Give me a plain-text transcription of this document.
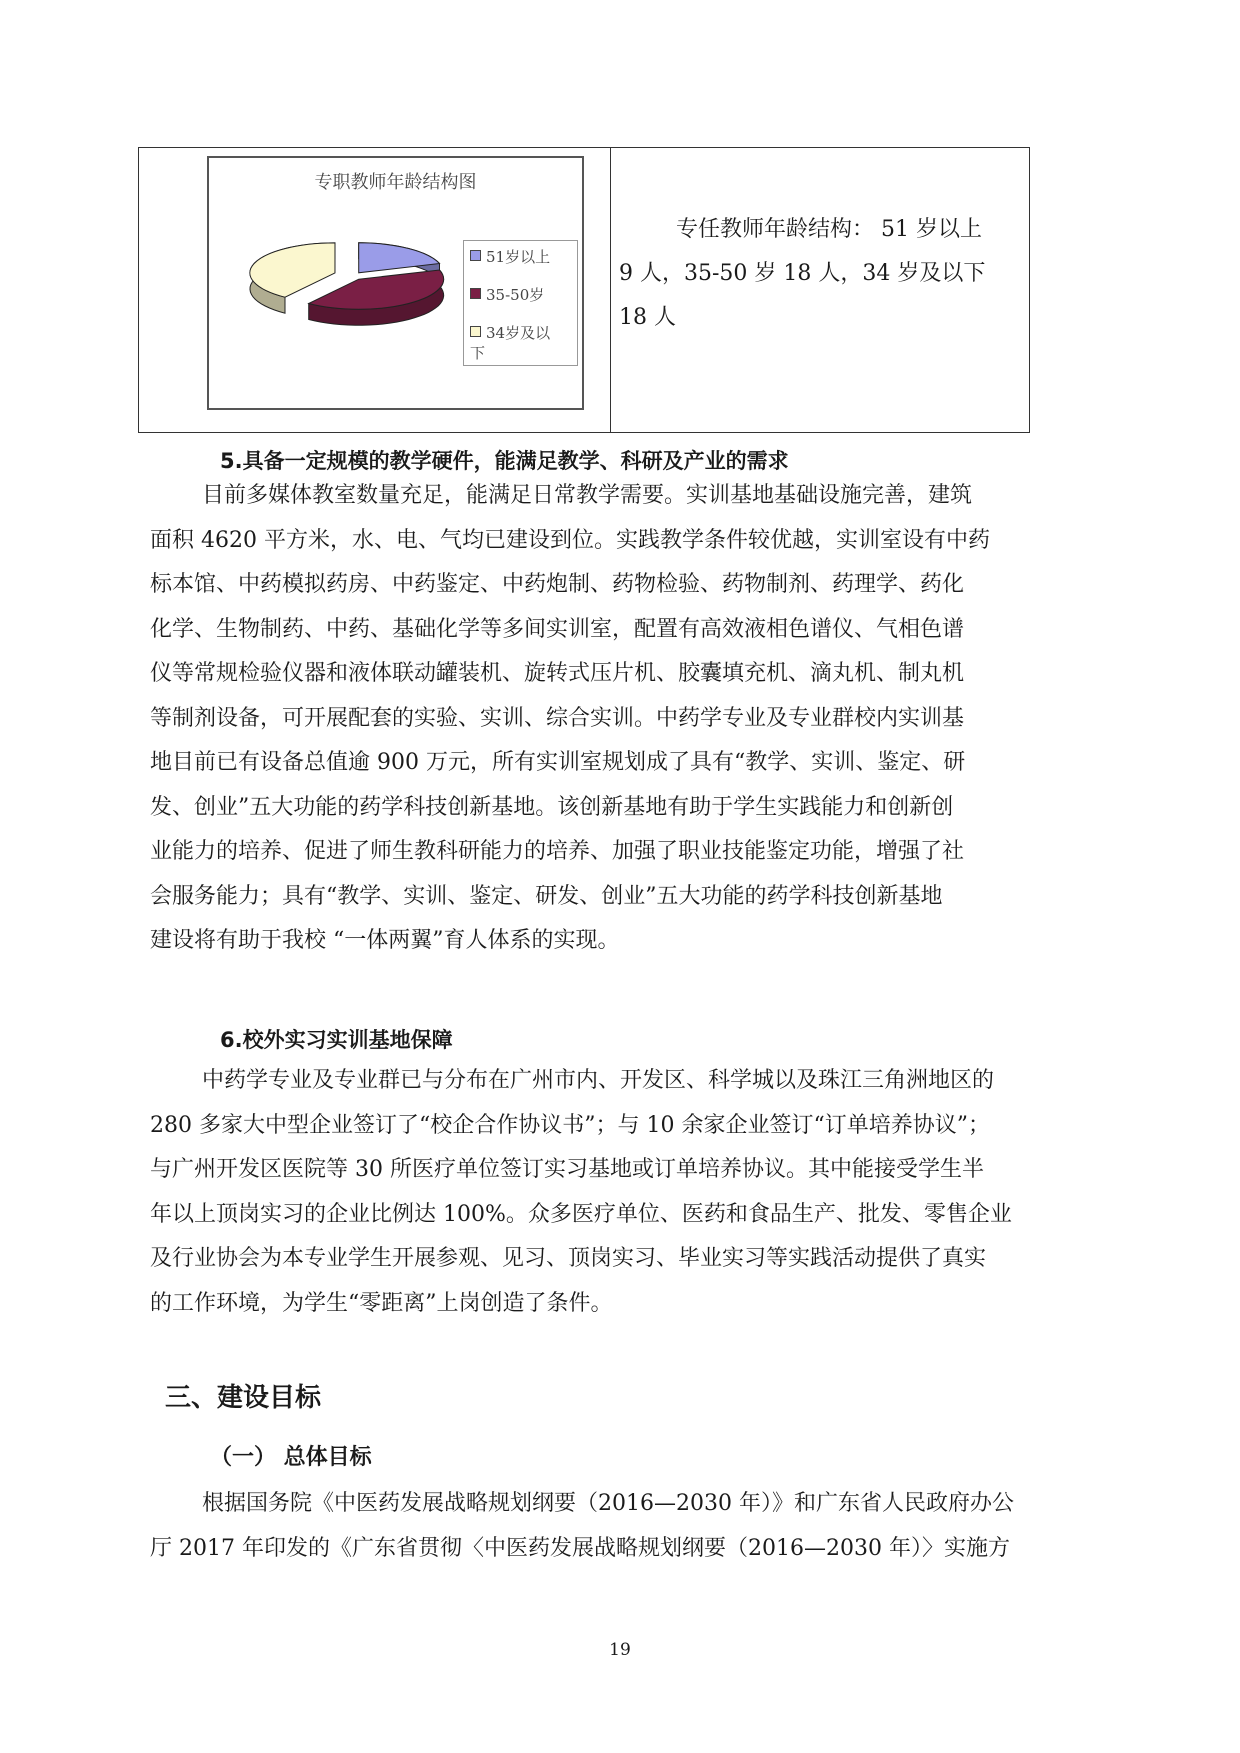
专职教师年龄结构图
51岁以上
35-50岁
34岁及以
下
专任教师年龄结构： 51 岁以上
9 人，35-50 岁 18 人，34 岁及以下
18 人
5.具备一定规模的教学硬件，能满足教学、科研及产业的需求
目前多媒体教室数量充足，能满足日常教学需要。实训基地基础设施完善，建筑
面积 4620 平方米，水、电、气均已建设到位。实践教学条件较优越，实训室设有中药
标本馆、中药模拟药房、中药鉴定、中药炮制、药物检验、药物制剂、药理学、药化
化学、生物制药、中药、基础化学等多间实训室，配置有高效液相色谱仪、气相色谱
仪等常规检验仪器和液体联动罐装机、旋转式压片机、胶囊填充机、滴丸机、制丸机
等制剂设备，可开展配套的实验、实训、综合实训。中药学专业及专业群校内实训基
地目前已有设备总值逾 900 万元，所有实训室规划成了具有“教学、实训、鉴定、研
发、创业”五大功能的药学科技创新基地。该创新基地有助于学生实践能力和创新创
业能力的培养、促进了师生教科研能力的培养、加强了职业技能鉴定功能，增强了社
会服务能力；具有“教学、实训、鉴定、研发、创业”五大功能的药学科技创新基地
建设将有助于我校 “一体两翼”育人体系的实现。
6.校外实习实训基地保障
中药学专业及专业群已与分布在广州市内、开发区、科学城以及珠江三角洲地区的
280 多家大中型企业签订了“校企合作协议书”；与 10 余家企业签订“订单培养协议”；
与广州开发区医院等 30 所医疗单位签订实习基地或订单培养协议。其中能接受学生半
年以上顶岗实习的企业比例达 100%。众多医疗单位、医药和食品生产、批发、零售企业
及行业协会为本专业学生开展参观、见习、顶岗实习、毕业实习等实践活动提供了真实
的工作环境，为学生“零距离”上岗创造了条件。
三、建设目标
（一） 总体目标
根据国务院《中医药发展战略规划纲要（2016—2030 年）》和广东省人民政府办公
厅 2017 年印发的《广东省贯彻〈中医药发展战略规划纲要（2016—2030 年）〉实施方
19
